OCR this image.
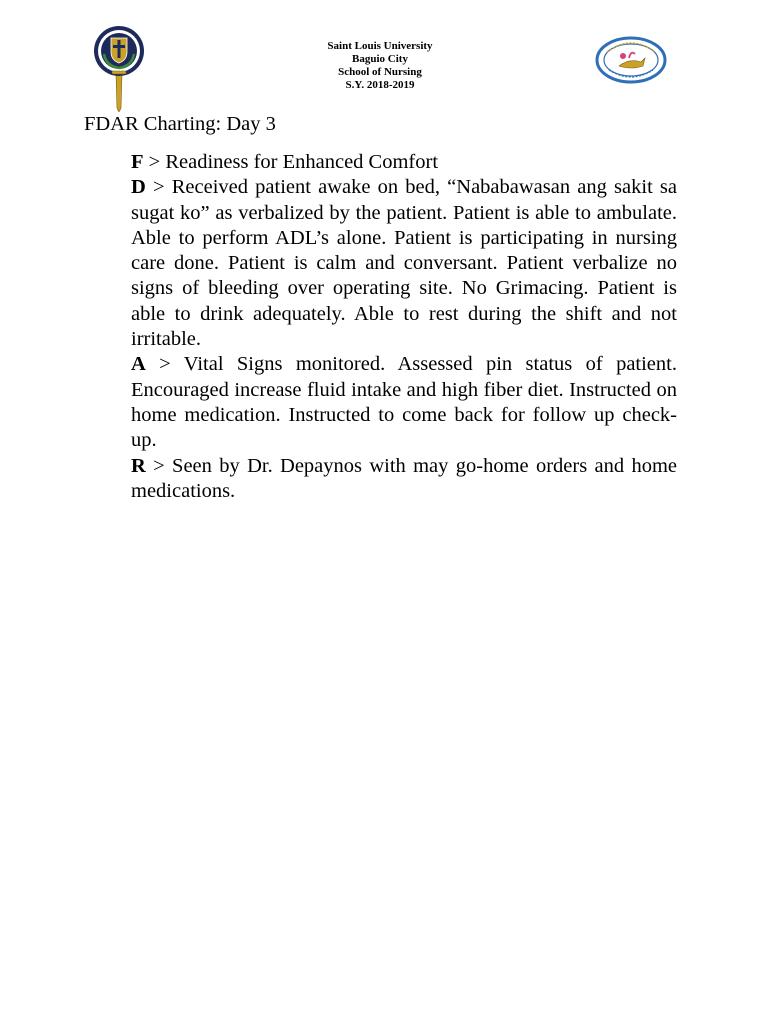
Saint Louis University
Baguio City
School of Nursing
S.Y. 2018-2019
FDAR Charting: Day 3

F > Readiness for Enhanced Comfort

D > Received patient awake on bed, “Nababawasan ang sakit sa sugat ko” as verbalized by the patient. Patient is able to ambulate. Able to perform ADL’s alone. Patient is participating in nursing care done. Patient is calm and conversant. Patient verbalize no signs of bleeding over operating site. No Grimacing. Patient is able to drink adequately. Able to rest during the shift and not irritable.

A > Vital Signs monitored. Assessed pin status of patient. Encouraged increase fluid intake and high fiber diet. Instructed on home medication. Instructed to come back for follow up check-up.

R > Seen by Dr. Depaynos with may go-home orders and home medications.
